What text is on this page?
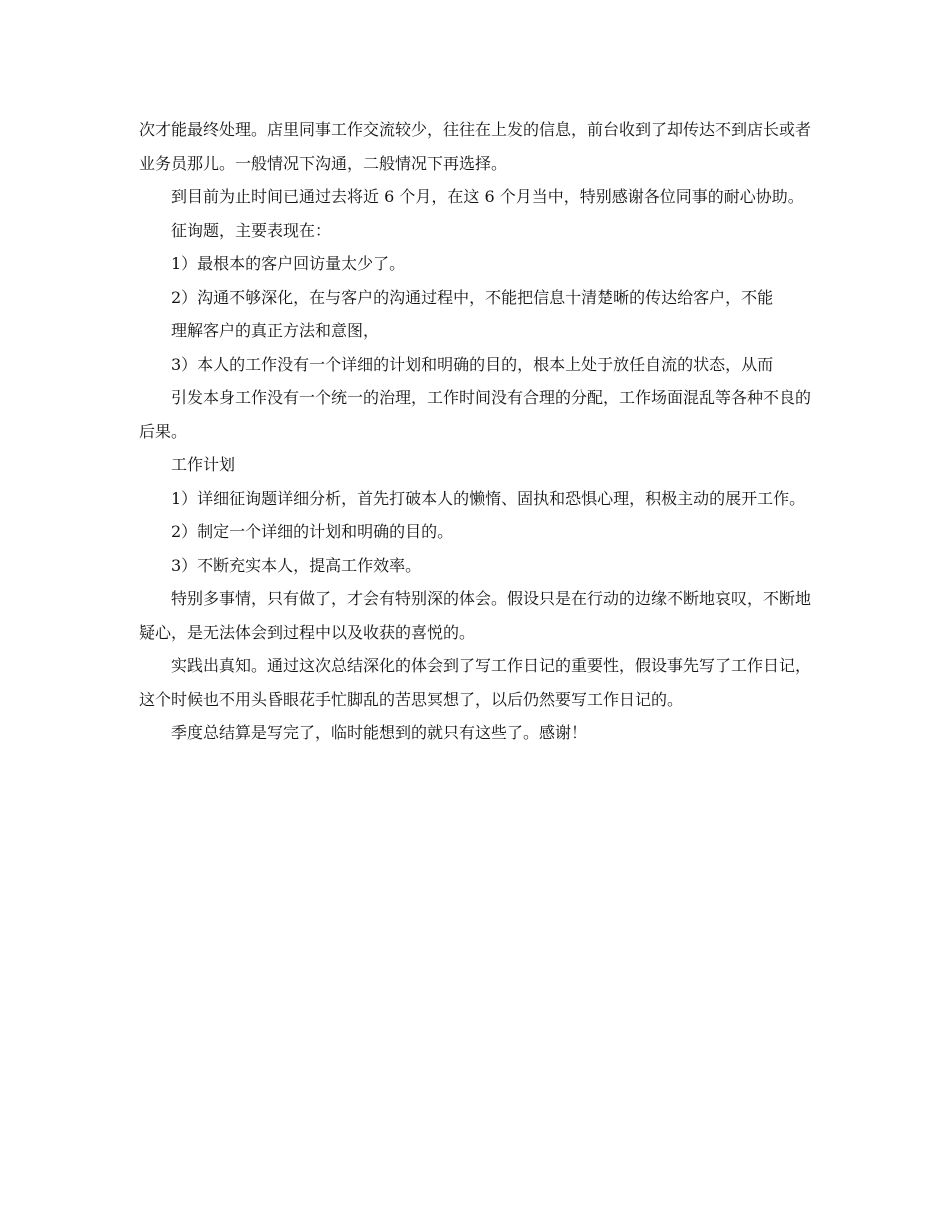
次才能最终处理。店里同事工作交流较少，往往在上发的信息，前台收到了却传达不到店长或者业务员那儿。一般情况下沟通，二般情况下再选择。

到目前为止时间已通过去将近 6 个月，在这 6 个月当中，特别感谢各位同事的耐心协助。

征询题，主要表现在：

1）最根本的客户回访量太少了。

2）沟通不够深化，在与客户的沟通过程中，不能把信息十清楚晰的传达给客户，不能

理解客户的真正方法和意图，

3）本人的工作没有一个详细的计划和明确的目的，根本上处于放任自流的状态，从而

引发本身工作没有一个统一的治理，工作时间没有合理的分配，工作场面混乱等各种不良的后果。

工作计划

1）详细征询题详细分析，首先打破本人的懒惰、固执和恐惧心理，积极主动的展开工作。

2）制定一个详细的计划和明确的目的。

3）不断充实本人，提高工作效率。

特别多事情，只有做了，才会有特别深的体会。假设只是在行动的边缘不断地哀叹，不断地疑心，是无法体会到过程中以及收获的喜悦的。

实践出真知。通过这次总结深化的体会到了写工作日记的重要性，假设事先写了工作日记，这个时候也不用头昏眼花手忙脚乱的苦思冥想了，以后仍然要写工作日记的。

季度总结算是写完了，临时能想到的就只有这些了。感谢！
